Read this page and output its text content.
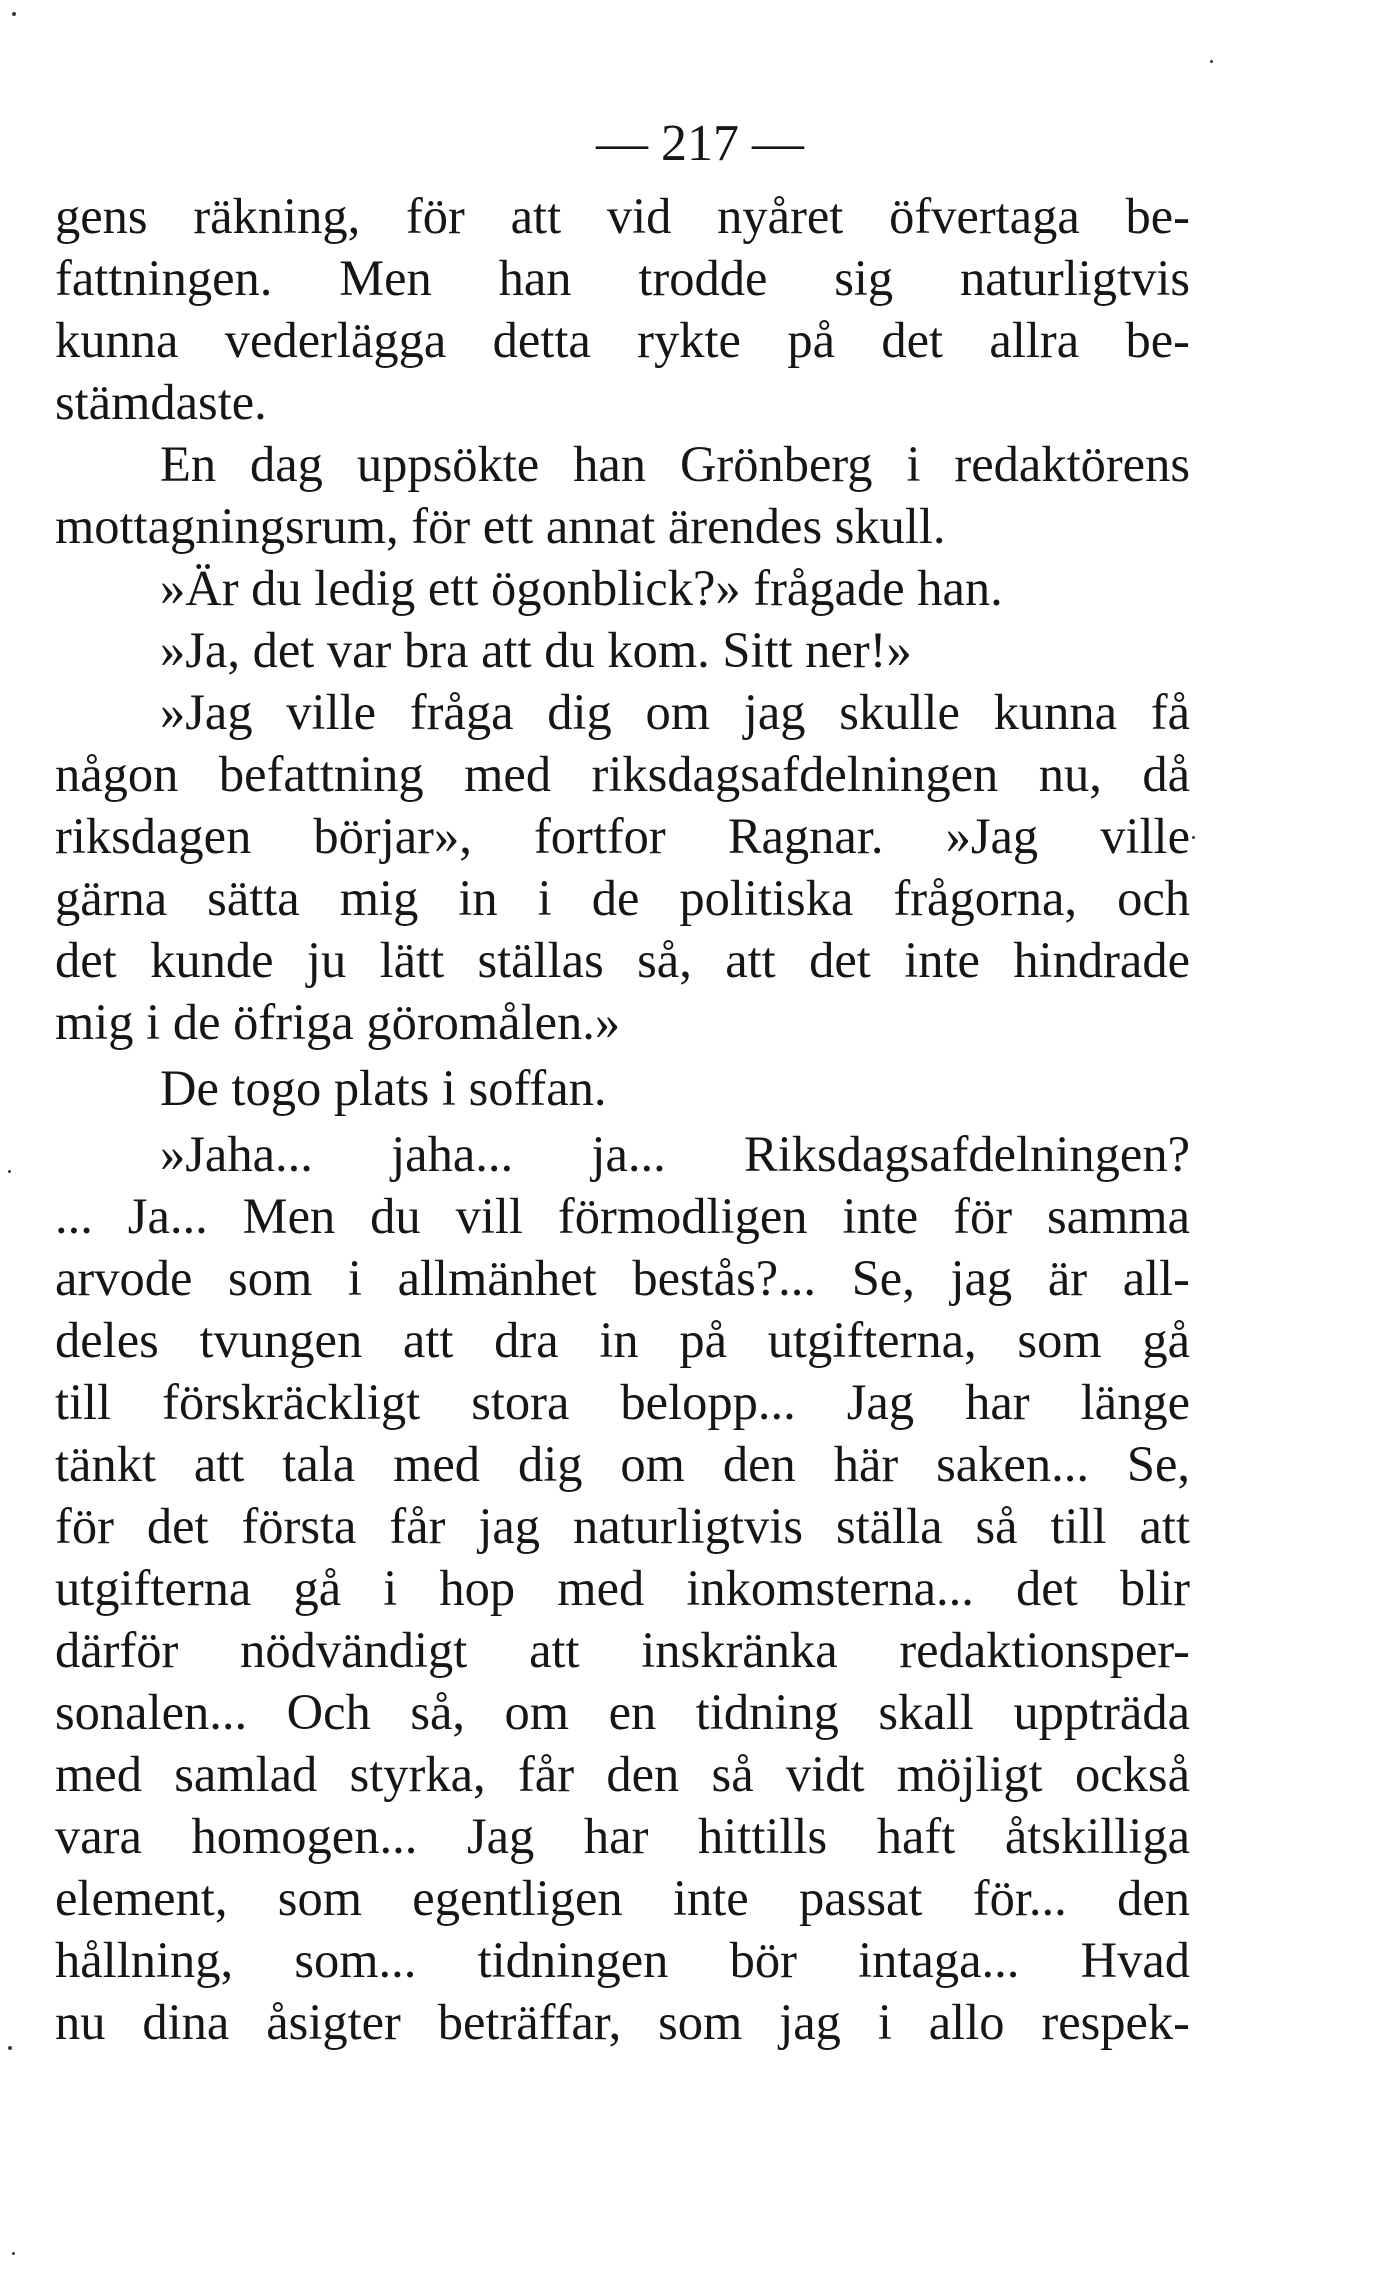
— 217 —

gens räkning, för att vid nyåret öfvertaga be-
fattningen. Men han trodde sig naturligtvis
kunna vederlägga detta rykte på det allra be-
stämdaste.
En dag uppsökte han Grönberg i redaktörens
mottagningsrum, för ett annat ärendes skull.
»Är du ledig ett ögonblick?» frågade han.
»Ja, det var bra att du kom. Sitt ner!»
»Jag ville fråga dig om jag skulle kunna få
någon befattning med riksdagsafdelningen nu, då
riksdagen börjar», fortfor Ragnar. »Jag ville
gärna sätta mig in i de politiska frågorna, och
det kunde ju lätt ställas så, att det inte hindrade
mig i de öfriga göromålen.»
De togo plats i soffan.
»Jaha... jaha... ja... Riksdagsafdelningen?
... Ja... Men du vill förmodligen inte för samma
arvode som i allmänhet bestås?... Se, jag är all-
deles tvungen att dra in på utgifterna, som gå
till förskräckligt stora belopp... Jag har länge
tänkt att tala med dig om den här saken... Se,
för det första får jag naturligtvis ställa så till att
utgifterna gå i hop med inkomsterna... det blir
därför nödvändigt att inskränka redaktionsper-
sonalen... Och så, om en tidning skall uppträda
med samlad styrka, får den så vidt möjligt också
vara homogen... Jag har hittills haft åtskilliga
element, som egentligen inte passat för... den
hållning, som... tidningen bör intaga... Hvad
nu dina åsigter beträffar, som jag i allo respek-
